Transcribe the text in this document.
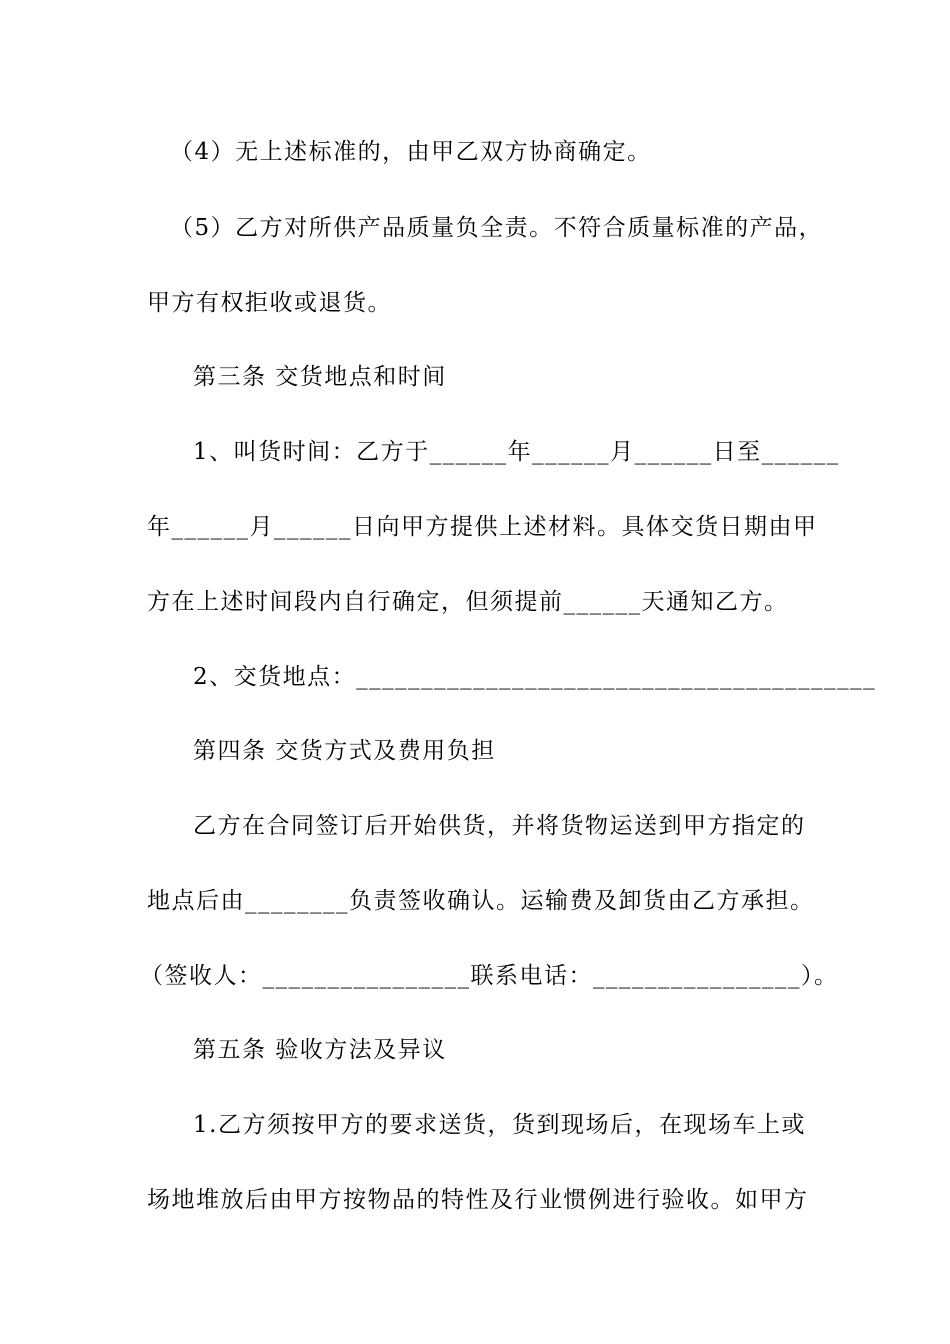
（4）无上述标准的，由甲乙双方协商确定。
（5）乙方对所供产品质量负全责。不符合质量标准的产品，
甲方有权拒收或退货。
第三条 交货地点和时间
1、叫货时间：乙方于______年______月______日至______
年______月______日向甲方提供上述材料。具体交货日期由甲
方在上述时间段内自行确定，但须提前______天通知乙方。
2、交货地点：________________________________________
第四条 交货方式及费用负担
乙方在合同签订后开始供货，并将货物运送到甲方指定的
地点后由________负责签收确认。运输费及卸货由乙方承担。
（签收人：________________联系电话：________________）。
第五条 验收方法及异议
1.乙方须按甲方的要求送货，货到现场后，在现场车上或
场地堆放后由甲方按物品的特性及行业惯例进行验收。如甲方
